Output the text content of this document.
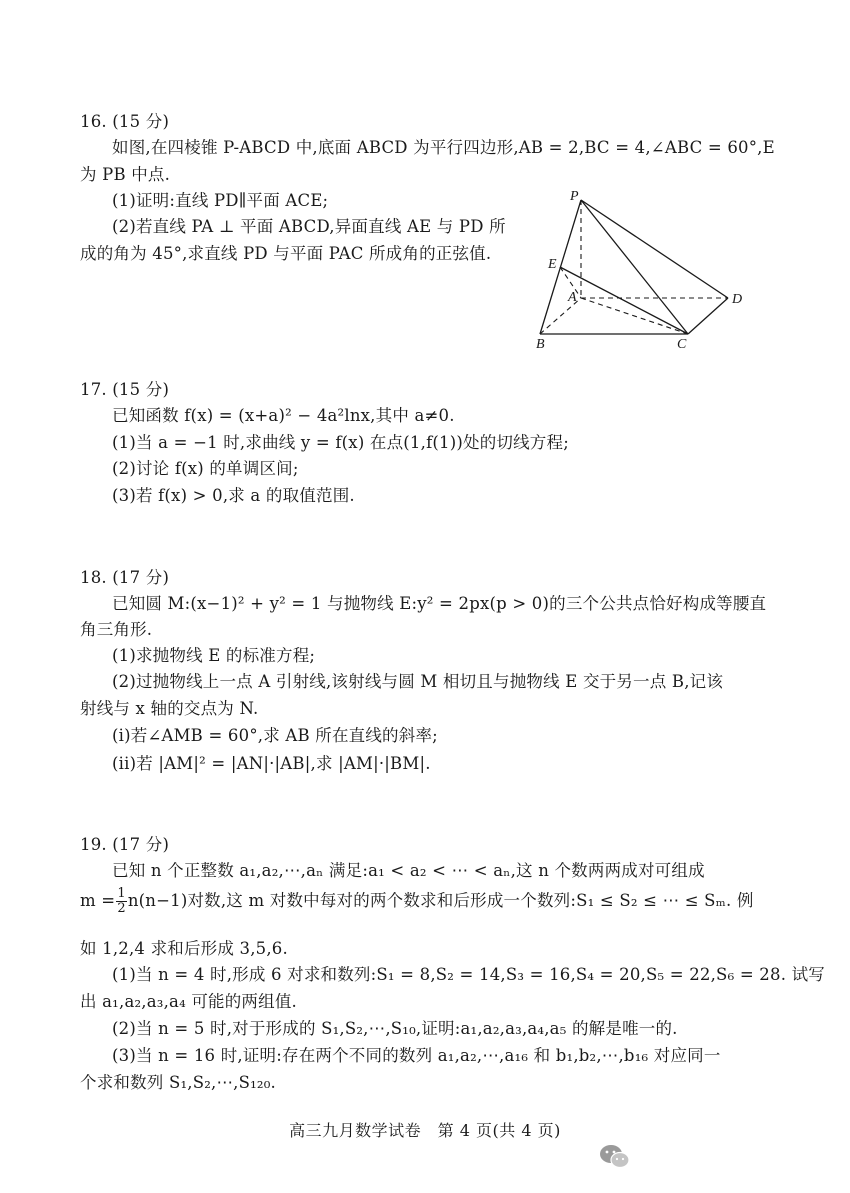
16. (15 分)
如图,在四棱锥 P-ABCD 中,底面 ABCD 为平行四边形,AB = 2,BC = 4,∠ABC = 60°,E
为 PB 中点.
(1)证明:直线 PD∥平面 ACE;
(2)若直线 PA ⊥ 平面 ABCD,异面直线 AE 与 PD 所
成的角为 45°,求直线 PD 与平面 PAC 所成角的正弦值.
P
E
A	D
B	C
17. (15 分)
已知函数 f(x) = (x+a)² − 4a²lnx,其中 a≠0.
(1)当 a = −1 时,求曲线 y = f(x) 在点(1,f(1))处的切线方程;
(2)讨论 f(x) 的单调区间;
(3)若 f(x) > 0,求 a 的取值范围.
18. (17 分)
已知圆 M:(x−1)² + y² = 1 与抛物线 E:y² = 2px(p > 0)的三个公共点恰好构成等腰直
角三角形.
(1)求抛物线 E 的标准方程;
(2)过抛物线上一点 A 引射线,该射线与圆 M 相切且与抛物线 E 交于另一点 B,记该
射线与 x 轴的交点为 N.
(i)若∠AMB = 60°,求 AB 所在直线的斜率;
(ii)若 |AM|² = |AN|·|AB|,求 |AM|·|BM|.
19. (17 分)
已知 n 个正整数 a₁,a₂,⋯,aₙ 满足:a₁ < a₂ < ⋯ < aₙ,这 n 个数两两成对可组成
$m = \frac{1}{2} n(n-1)$对数,这 m 对数中每对的两个数求和后形成一个数列:S₁ ≤ S₂ ≤ ⋯ ≤ Sₘ. 例
如 1,2,4 求和后形成 3,5,6.
(1)当 n = 4 时,形成 6 对求和数列:S₁ = 8,S₂ = 14,S₃ = 16,S₄ = 20,S₅ = 22,S₆ = 28. 试写
出 a₁,a₂,a₃,a₄ 可能的两组值.
(2)当 n = 5 时,对于形成的 S₁,S₂,⋯,S₁₀,证明:a₁,a₂,a₃,a₄,a₅ 的解是唯一的.
(3)当 n = 16 时,证明:存在两个不同的数列 a₁,a₂,⋯,a₁₆ 和 b₁,b₂,⋯,b₁₆ 对应同一
个求和数列 S₁,S₂,⋯,S₁₂₀.
高三九月数学试卷　第 4 页(共 4 页)
